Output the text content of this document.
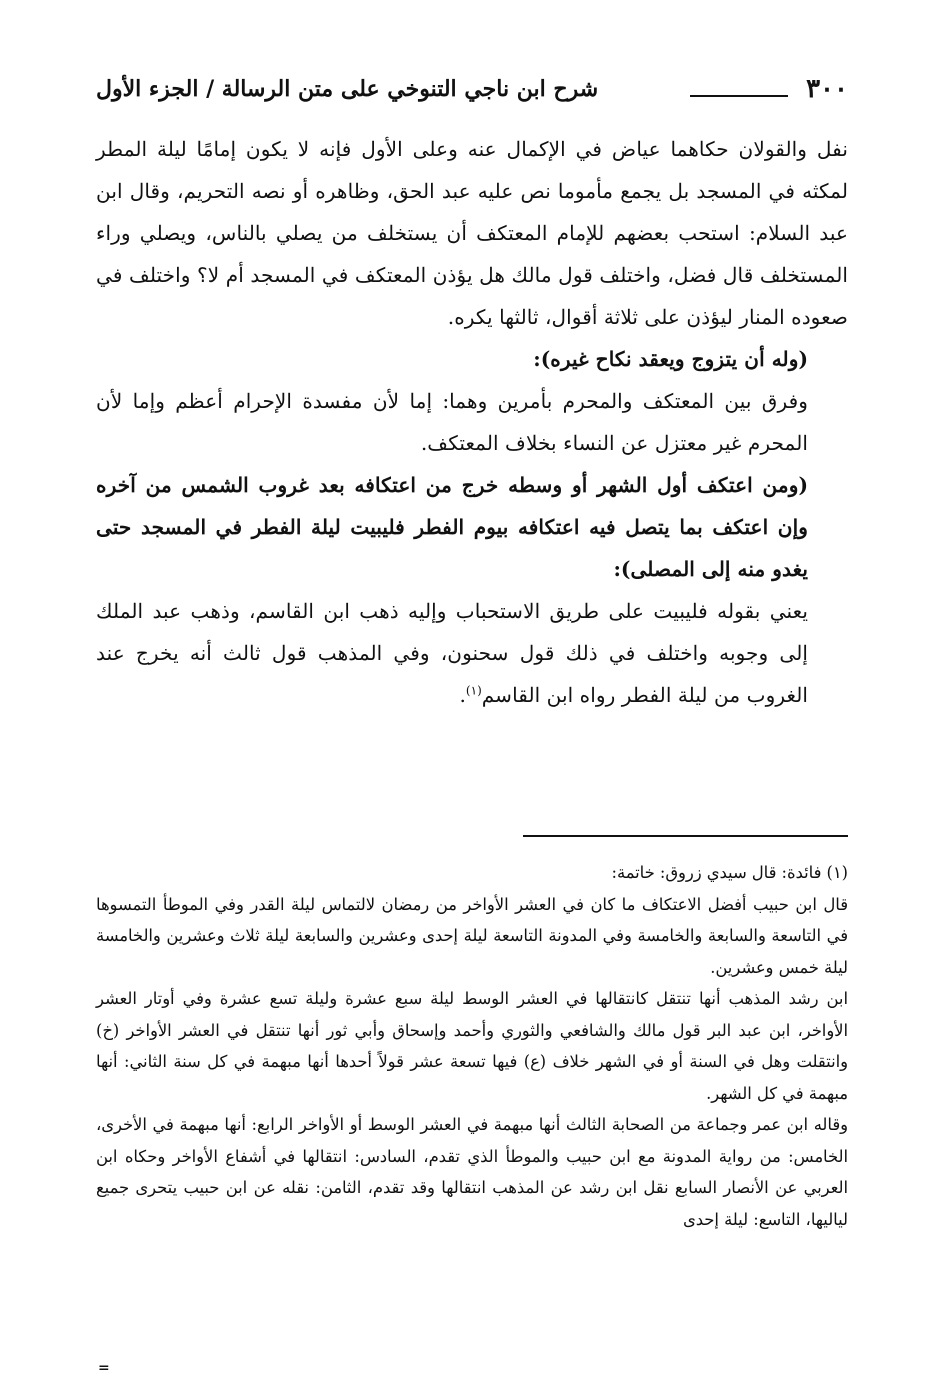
٣٠٠
شرح ابن ناجي التنوخي على متن الرسالة / الجزء الأول

نفل والقولان حكاهما عياض في الإكمال عنه وعلى الأول فإنه لا يكون إمامًا ليلة المطر لمكثه في المسجد بل يجمع مأموما نص عليه عبد الحق، وظاهره أو نصه التحريم، وقال ابن عبد السلام: استحب بعضهم للإمام المعتكف أن يستخلف من يصلي بالناس، ويصلي وراء المستخلف قال فضل، واختلف قول مالك هل يؤذن المعتكف في المسجد أم لا؟ واختلف في صعوده المنار ليؤذن على ثلاثة أقوال، ثالثها يكره.

(وله أن يتزوج ويعقد نكاح غيره):

وفرق بين المعتكف والمحرم بأمرين وهما: إما لأن مفسدة الإحرام أعظم وإما لأن المحرم غير معتزل عن النساء بخلاف المعتكف.

(ومن اعتكف أول الشهر أو وسطه خرج من اعتكافه بعد غروب الشمس من آخره وإن اعتكف بما يتصل فيه اعتكافه بيوم الفطر فليبيت ليلة الفطر في المسجد حتى يغدو منه إلى المصلى):

يعني بقوله فليبيت على طريق الاستحباب وإليه ذهب ابن القاسم، وذهب عبد الملك إلى وجوبه واختلف في ذلك قول سحنون، وفي المذهب قول ثالث أنه يخرج عند الغروب من ليلة الفطر رواه ابن القاسم$^{(١)}$.

(١) فائدة: قال سيدي زروق: خاتمة:

قال ابن حبيب أفضل الاعتكاف ما كان في العشر الأواخر من رمضان لالتماس ليلة القدر وفي الموطأ التمسوها في التاسعة والسابعة والخامسة وفي المدونة التاسعة ليلة إحدى وعشرين والسابعة ليلة ثلاث وعشرين والخامسة ليلة خمس وعشرين.

ابن رشد المذهب أنها تنتقل كانتقالها في العشر الوسط ليلة سبع عشرة وليلة تسع عشرة وفي أوتار العشر الأواخر، ابن عبد البر قول مالك والشافعي والثوري وأحمد وإسحاق وأبي ثور أنها تنتقل في العشر الأواخر (خ) وانتقلت وهل في السنة أو في الشهر خلاف (ع) فيها تسعة عشر قولاً أحدها أنها مبهمة في كل سنة الثاني: أنها مبهمة في كل الشهر.

وقاله ابن عمر وجماعة من الصحابة الثالث أنها مبهمة في العشر الوسط أو الأواخر الرابع: أنها مبهمة في الأخرى، الخامس: من رواية المدونة مع ابن حبيب والموطأ الذي تقدم، السادس: انتقالها في أشفاع الأواخر وحكاه ابن العربي عن الأنصار السابع نقل ابن رشد عن المذهب انتقالها وقد تقدم، الثامن: نقله عن ابن حبيب يتحرى جميع لياليها، التاسع: ليلة إحدى

=
